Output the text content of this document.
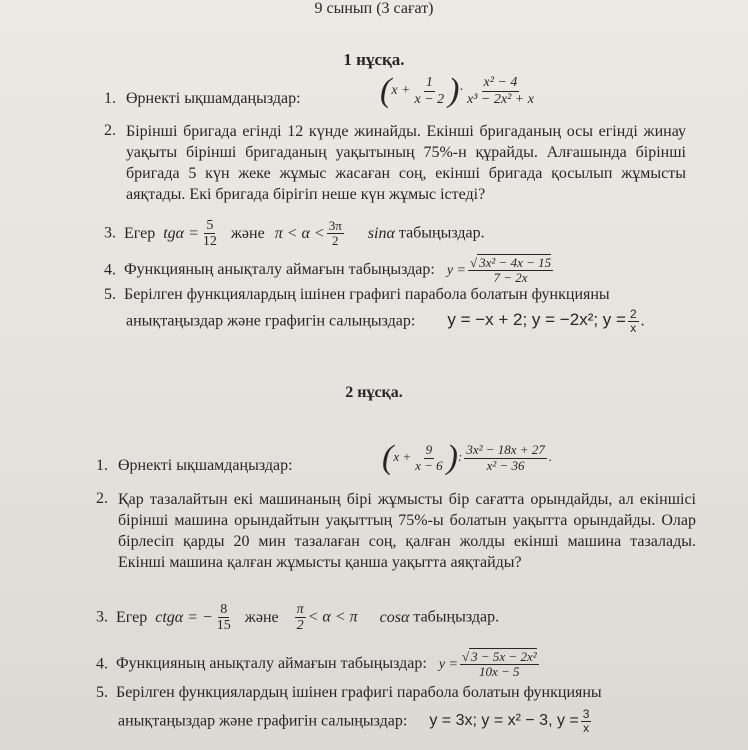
9 сынып (3 сағат)
1 нұсқа.
1. Өрнекті ықшамдаңыздар: ($x + \frac{1}{x - 2}$ )· $\frac{\text{x² − 4}}{\text{x³ − 2x² + x}}$
2. Бірінші бригада егінді 12 күнде жинайды. Екінші бригаданың осы егінді жинау уақыты бірінші бригаданың уақытының 75%-н құрайды. Алғашында бірінші бригада 5 күн жеке жұмыс жасаған соң, екінші бригада қосылып жұмысты аяқтады. Екі бригада бірігіп неше күн жұмыс істеді?
3. Егер $tg\alpha = \frac{5}{12}$ және $\pi < \alpha < \frac{3\pi}{2}$ sinα табыңыздар.
4. Функцияның анықталу аймағын табыңыздар: $y = \frac{\text{√ 3x² − 4x − 15}}{7 - 2x}$
5. Берілген функциялардың ішінен графигі парабола болатын функцияны
анықтаңыздар және графигін салыңыздар: y = −x + 2; y = −2x²; $y = \frac{2}{x}$ .
2 нұсқа.
1. Өрнекті ықшамдаңыздар:	($x + \frac{9}{x - 6}$ ): $\frac{\text{3x² − 18x + 27}}{\text{x² − 36}}$ .
2. Қар тазалайтын екі машинаның бірі жұмысты бір сағатта орындайды, ал екіншісі бірінші машина орындайтын уақыттың 75%-ы болатын уақытта орындайды. Олар бірлесіп қарды 20 мин тазалаған соң, қалған жолды екінші машина тазалады. Екінші машина қалған жұмысты қанша уақытта аяқтайды?
3. Егер ctgα = − $\frac{8}{15}$ және $\frac{\pi}{2} < \alpha < \pi$ cosα табыңыздар.
4. Функцияның анықталу аймағын табыңыздар: $y = \frac{\text{√ 3 − 5x − 2x²}}{10x - 5}$
5. Берілген функциялардың ішінен графигі парабола болатын функцияны
анықтаңыздар және графигін салыңыздар: y = 3x; y = x² − 3, $y = \frac{3}{x}$
